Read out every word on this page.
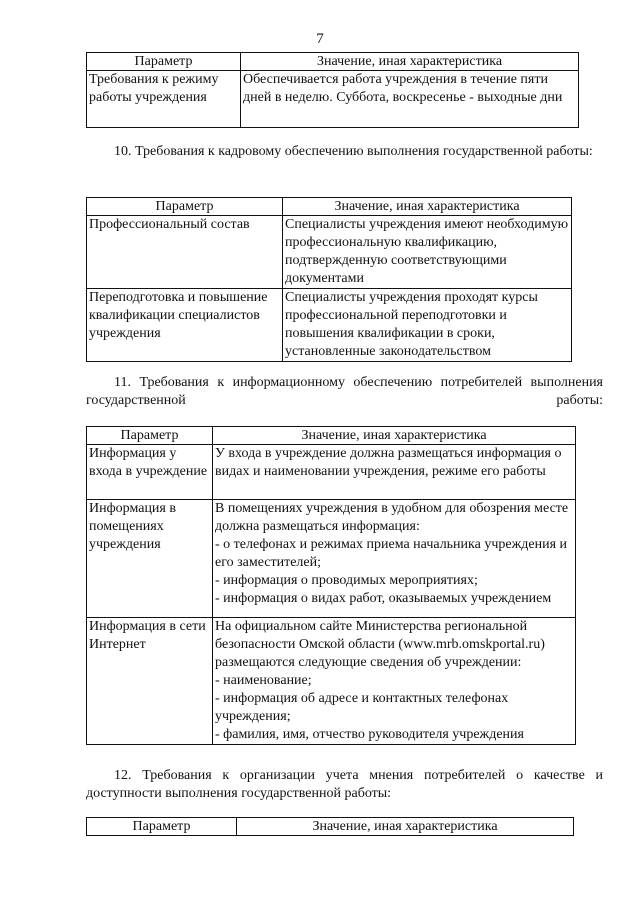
7
Параметр	Значение, иная характеристика
Требования к режиму работы учреждения	Обеспечивается работа учреждения в течение пяти дней в неделю. Суббота, воскресенье - выходные дни

10. Требования к кадровому обеспечению выполнения государственной работы:

Параметр	Значение, иная характеристика
Профессиональный состав	Специалисты учреждения имеют необходимую профессиональную квалификацию, подтвержденную соответствующими документами
Переподготовка и повышение квалификации специалистов учреждения	Специалисты учреждения проходят курсы профессиональной переподготовки и повышения квалификации в сроки, установленные законодательством

11. Требования к информационному обеспечению потребителей выполнения государственной работы:

Параметр	Значение, иная характеристика
Информация у входа в учреждение	У входа в учреждение должна размещаться информация о видах и наименовании учреждения, режиме его работы
Информация в помещениях учреждения	В помещениях учреждения в удобном для обозрения месте должна размещаться информация:
- о телефонах и режимах приема начальника учреждения и его заместителей;
- информация о проводимых мероприятиях;
- информация о видах работ, оказываемых учреждением
Информация в сети Интернет	На официальном сайте Министерства региональной безопасности Омской области (www.mrb.omskportal.ru) размещаются следующие сведения об учреждении:
- наименование;
- информация об адресе и контактных телефонах учреждения;
- фамилия, имя, отчество руководителя учреждения

12. Требования к организации учета мнения потребителей о качестве и доступности выполнения государственной работы:

Параметр	Значение, иная характеристика
